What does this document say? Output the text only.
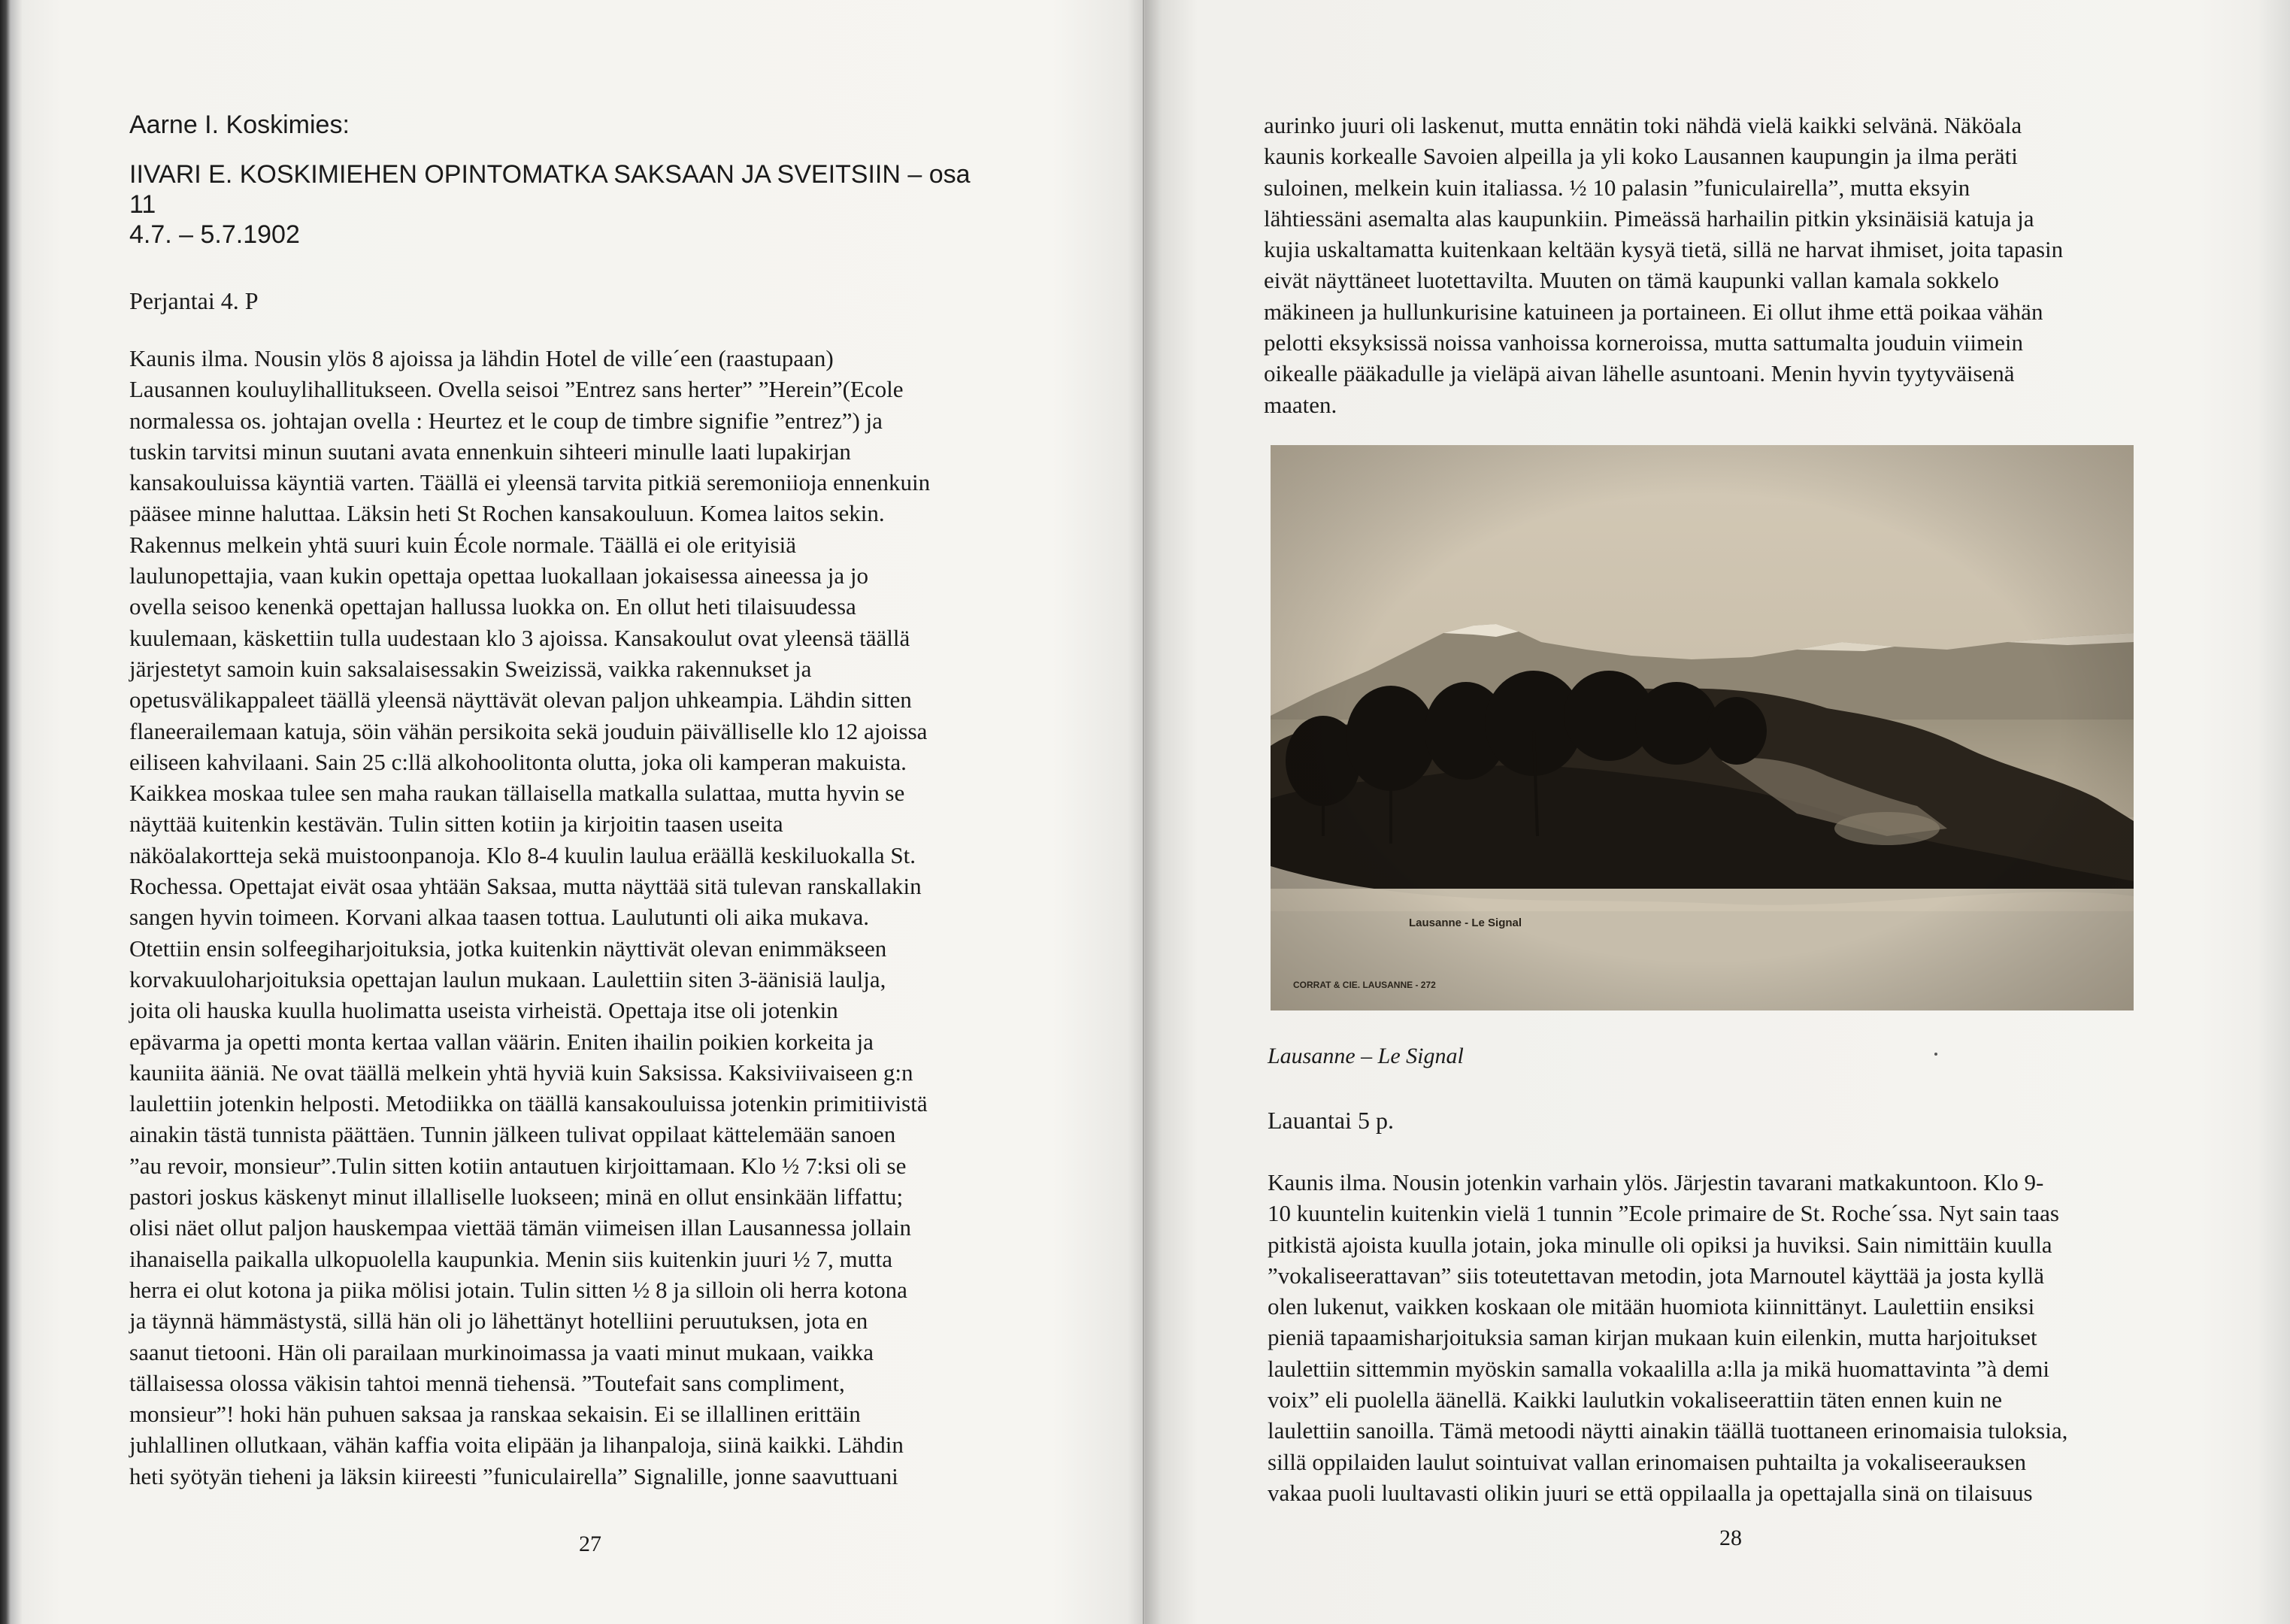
Aarne I. Koskimies:
IIVARI E. KOSKIMIEHEN OPINTOMATKA SAKSAAN JA SVEITSIIN – osa
11
4.7. – 5.7.1902
Perjantai 4. P
Kaunis ilma. Nousin ylös 8 ajoissa ja lähdin Hotel de ville´een (raastupaan)
Lausannen kouluylihallitukseen. Ovella seisoi ”Entrez sans herter” ”Herein”(Ecole
normalessa os. johtajan ovella : Heurtez et le coup de timbre signifie ”entrez”) ja
tuskin tarvitsi minun suutani avata ennenkuin sihteeri minulle laati lupakirjan
kansakouluissa käyntiä varten. Täällä ei yleensä tarvita pitkiä seremoniioja ennenkuin
pääsee minne haluttaa. Läksin heti St Rochen kansakouluun. Komea laitos sekin.
Rakennus melkein yhtä suuri kuin École normale. Täällä ei ole erityisiä
laulunopettajia, vaan kukin opettaja opettaa luokallaan jokaisessa aineessa ja jo
ovella seisoo kenenkä opettajan hallussa luokka on. En ollut heti tilaisuudessa
kuulemaan, käskettiin tulla uudestaan klo 3 ajoissa. Kansakoulut ovat yleensä täällä
järjestetyt samoin kuin saksalaisessakin Sweizissä, vaikka rakennukset ja
opetusvälikappaleet täällä yleensä näyttävät olevan paljon uhkeampia. Lähdin sitten
flaneerailemaan katuja, söin vähän persikoita sekä jouduin päivälliselle klo 12 ajoissa
eiliseen kahvilaani. Sain 25 c:llä alkohoolitonta olutta, joka oli kamperan makuista.
Kaikkea moskaa tulee sen maha raukan tällaisella matkalla sulattaa, mutta hyvin se
näyttää kuitenkin kestävän. Tulin sitten kotiin ja kirjoitin taasen useita
näköalakortteja sekä muistoonpanoja. Klo 8-4 kuulin laulua eräällä keskiluokalla St.
Rochessa. Opettajat eivät osaa yhtään Saksaa, mutta näyttää sitä tulevan ranskallakin
sangen hyvin toimeen. Korvani alkaa taasen tottua. Laulutunti oli aika mukava.
Otettiin ensin solfeegiharjoituksia, jotka kuitenkin näyttivät olevan enimmäkseen
korvakuuloharjoituksia opettajan laulun mukaan. Laulettiin siten 3-äänisiä laulja,
joita oli hauska kuulla huolimatta useista virheistä. Opettaja itse oli jotenkin
epävarma ja opetti monta kertaa vallan väärin. Eniten ihailin poikien korkeita ja
kauniita ääniä. Ne ovat täällä melkein yhtä hyviä kuin Saksissa. Kaksiviivaiseen g:n
laulettiin jotenkin helposti. Metodiikka on täällä kansakouluissa jotenkin primitiivistä
ainakin tästä tunnista päättäen. Tunnin jälkeen tulivat oppilaat kättelemään sanoen
”au revoir, monsieur”.Tulin sitten kotiin antautuen kirjoittamaan. Klo ½ 7:ksi oli se
pastori joskus käskenyt minut illalliselle luokseen; minä en ollut ensinkään liffattu;
olisi näet ollut paljon hauskempaa viettää tämän viimeisen illan Lausannessa jollain
ihanaisella paikalla ulkopuolella kaupunkia. Menin siis kuitenkin juuri ½ 7, mutta
herra ei olut kotona ja piika mölisi jotain. Tulin sitten ½ 8 ja silloin oli herra kotona
ja täynnä hämmästystä, sillä hän oli jo lähettänyt hotelliini peruutuksen, jota en
saanut tietooni. Hän oli parailaan murkinoimassa ja vaati minut mukaan, vaikka
tällaisessa olossa väkisin tahtoi mennä tiehensä. ”Toutefait sans compliment,
monsieur”! hoki hän puhuen saksaa ja ranskaa sekaisin. Ei se illallinen erittäin
juhlallinen ollutkaan, vähän kaffia voita elipään ja lihanpaloja, siinä kaikki. Lähdin
heti syötyän tieheni ja läksin kiireesti ”funiculairella” Signalille, jonne saavuttuani
27
aurinko juuri oli laskenut, mutta ennätin toki nähdä vielä kaikki selvänä. Näköala
kaunis korkealle Savoien alpeilla ja yli koko Lausannen kaupungin ja ilma peräti
suloinen, melkein kuin italiassa. ½ 10 palasin ”funiculairella”, mutta eksyin
lähtiessäni asemalta alas kaupunkiin. Pimeässä harhailin pitkin yksinäisiä katuja ja
kujia uskaltamatta kuitenkaan keltään kysyä tietä, sillä ne harvat ihmiset, joita tapasin
eivät näyttäneet luotettavilta. Muuten on tämä kaupunki vallan kamala sokkelo
mäkineen ja hullunkurisine katuineen ja portaineen. Ei ollut ihme että poikaa vähän
pelotti eksyksissä noissa vanhoissa korneroissa, mutta sattumalta jouduin viimein
oikealle pääkadulle ja vieläpä aivan lähelle asuntoani. Menin hyvin tyytyväisenä
maaten.
Lauantai 5 p.
Kaunis ilma. Nousin jotenkin varhain ylös. Järjestin tavarani matkakuntoon. Klo 9-
10 kuuntelin kuitenkin vielä 1 tunnin ”Ecole primaire de St. Roche´ssa. Nyt sain taas
pitkistä ajoista kuulla jotain, joka minulle oli opiksi ja huviksi. Sain nimittäin kuulla
”vokaliseerattavan” siis toteutettavan metodin, jota Marnoutel käyttää ja josta kyllä
olen lukenut, vaikken koskaan ole mitään huomiota kiinnittänyt. Laulettiin ensiksi
pieniä tapaamisharjoituksia saman kirjan mukaan kuin eilenkin, mutta harjoitukset
laulettiin sittemmin myöskin samalla vokaalilla a:lla ja mikä huomattavinta ”à demi
voix” eli puolella äänellä. Kaikki laulutkin vokaliseerattiin täten ennen kuin ne
laulettiin sanoilla. Tämä metoodi näytti ainakin täällä tuottaneen erinomaisia tuloksia,
sillä oppilaiden laulut sointuivat vallan erinomaisen puhtailta ja vokaliseerauksen
vakaa puoli luultavasti olikin juuri se että oppilaalla ja opettajalla sinä on tilaisuus
28
Lausanne - Le Signal
CORRAT & CIE. LAUSANNE - 272
Lausanne – Le Signal
